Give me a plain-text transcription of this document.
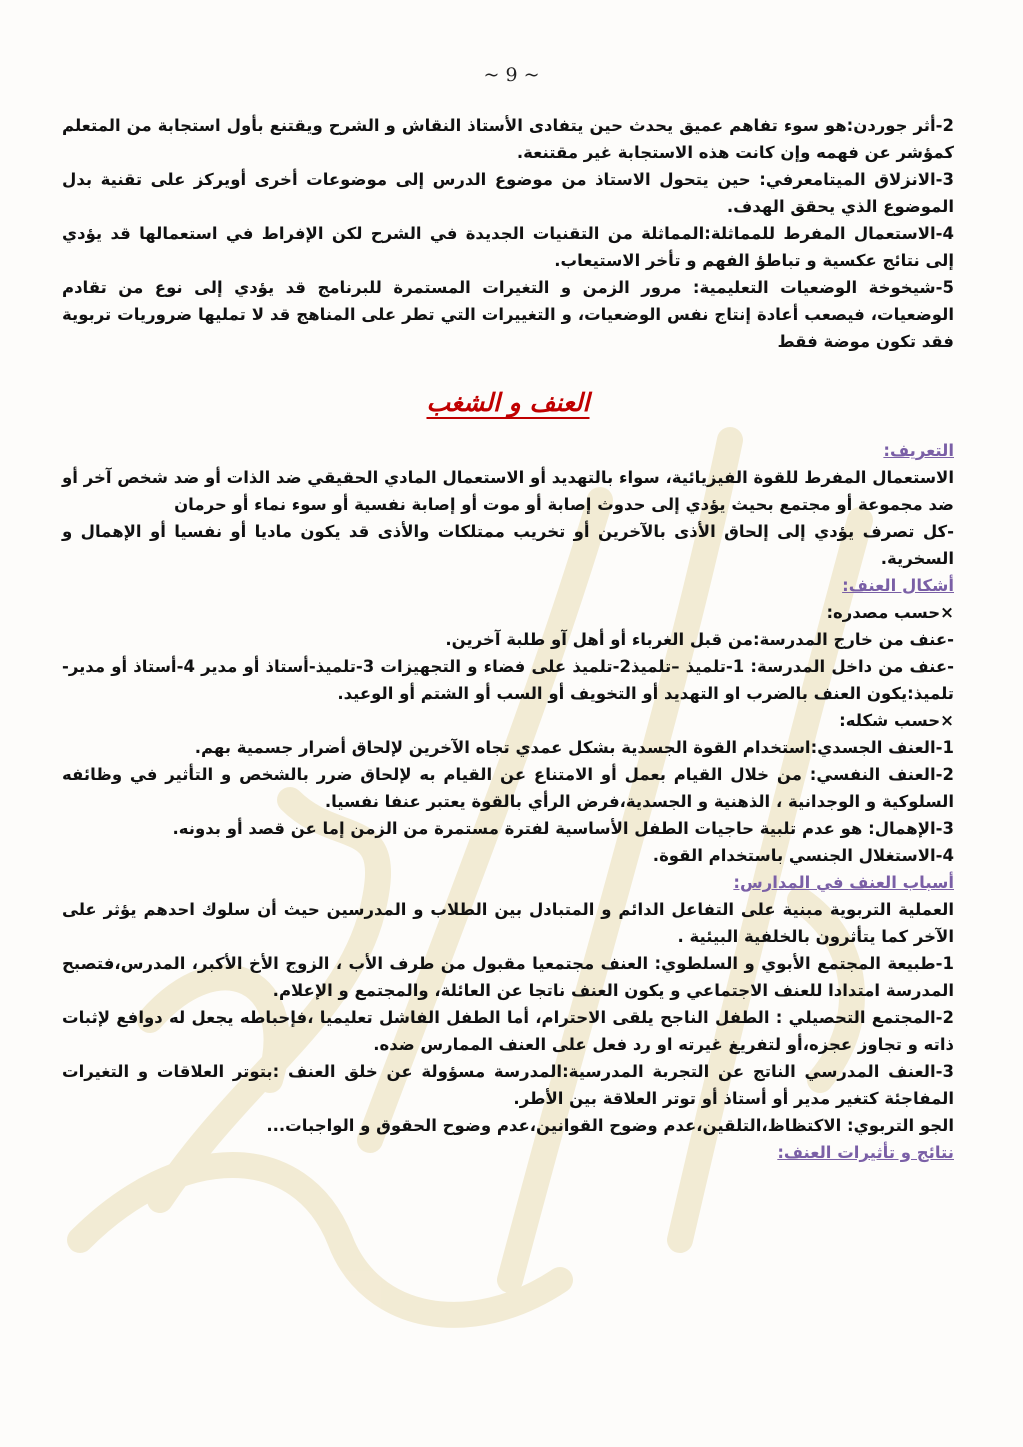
~ 9 ~

2-أثر جوردن:هو سوء تفاهم عميق يحدث حين يتفادى الأستاذ النقاش و الشرح ويقتنع بأول استجابة من المتعلم كمؤشر عن فهمه وإن كانت هذه الاستجابة غير مقتنعة.

3-الانزلاق الميتامعرفي: حين يتحول الاستاذ من موضوع الدرس إلى موضوعات أخرى أويركز على تقنية بدل الموضوع الذي يحقق الهدف.

4-الاستعمال المفرط للمماثلة:المماثلة من التقنيات الجديدة في الشرح لكن الإفراط في استعمالها قد يؤدي إلى نتائج عكسية و تباطؤ الفهم و تأخر الاستيعاب.

5-شيخوخة الوضعيات التعليمية: مرور الزمن و التغيرات المستمرة للبرنامج قد يؤدي إلى نوع من تقادم الوضعيات، فيصعب أعادة إنتاج نفس الوضعيات، و التغييرات التي تطر على المناهج قد لا تمليها ضروريات تربوية فقد تكون موضة فقط

العنف و الشغب

التعريف:

الاستعمال المفرط للقوة الفيزيائية، سواء بالتهديد أو الاستعمال المادي الحقيقي ضد الذات أو ضد شخص آخر أو ضد مجموعة أو مجتمع بحيث يؤدي إلى حدوث إصابة أو موت أو إصابة نفسية أو سوء نماء أو حرمان

-كل تصرف يؤدي إلى إلحاق الأذى بالآخرين أو تخريب ممتلكات والأذى قد يكون ماديا أو نفسيا أو الإهمال و السخرية.

أشكال العنف:

×حسب مصدره:

-عنف من خارج المدرسة:من قبل الغرباء أو أهل آو طلبة آخرين.

-عنف من داخل المدرسة: 1-تلميذ –تلميذ2-تلميذ على فضاء و التجهيزات 3-تلميذ-أستاذ أو مدير 4-أستاذ أو مدير-تلميذ:يكون العنف بالضرب او التهديد أو التخويف أو السب أو الشتم أو الوعيد.

×حسب شكله:

1-العنف الجسدي:استخدام القوة الجسدية بشكل عمدي تجاه الآخرين لإلحاق أضرار جسمية بهم.

2-العنف النفسي: من خلال القيام بعمل أو الامتناع عن القيام به لإلحاق ضرر بالشخص و التأثير في وظائفه السلوكية و الوجدانية ، الذهنية و الجسدية،فرض الرأي بالقوة يعتبر عنفا نفسيا.

3-الإهمال: هو عدم تلبية حاجيات الطفل الأساسية لفترة مستمرة من الزمن إما عن قصد أو بدونه.

4-الاستغلال الجنسي باستخدام القوة.

أسباب العنف في المدارس:

العملية التربوية مبنية على التفاعل الدائم و المتبادل بين الطلاب و المدرسين حيث أن سلوك احدهم يؤثر على الآخر كما يتأثرون بالخلفية البيئية .

1-طبيعة المجتمع الأبوي و السلطوي: العنف مجتمعيا مقبول من طرف الأب ، الزوج الأخ الأكبر، المدرس،فتصبح المدرسة امتدادا للعنف الاجتماعي و يكون العنف ناتجا عن العائلة، والمجتمع و الإعلام.

2-المجتمع التحصيلي : الطفل الناجح يلقى الاحترام، أما الطفل الفاشل تعليميا ،فإحباطه يجعل له دوافع لإثبات ذاته و تجاوز عجزه،أو لتفريغ غيرته او رد فعل على العنف الممارس ضده.

3-العنف المدرسي الناتج عن التجربة المدرسية:المدرسة مسؤولة عن خلق العنف :بتوتر العلاقات و التغيرات المفاجئة كتغير مدير أو أستاذ أو توتر العلاقة بين الأطر.

الجو التربوي: الاكتظاظ،التلقين،عدم وضوح القوانين،عدم وضوح الحقوق و الواجبات...

نتائج و تأثيرات العنف:
